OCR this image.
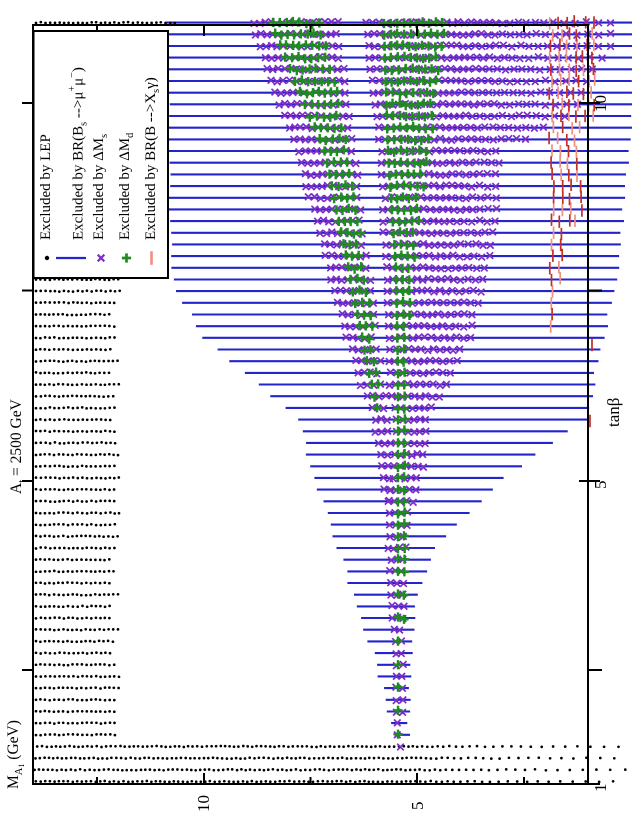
$A_t = 2500$ GeV
$M_{A1}$ (GeV)
tanβ
10	5
10
5
1
Excluded by LEP	Excluded by $BR(B_s$ -->μ+μ−)
Excluded by $\Delta M_s$
Excluded by $\Delta M_d$ Excluded by BR(B $-->X_s\gamma$)
